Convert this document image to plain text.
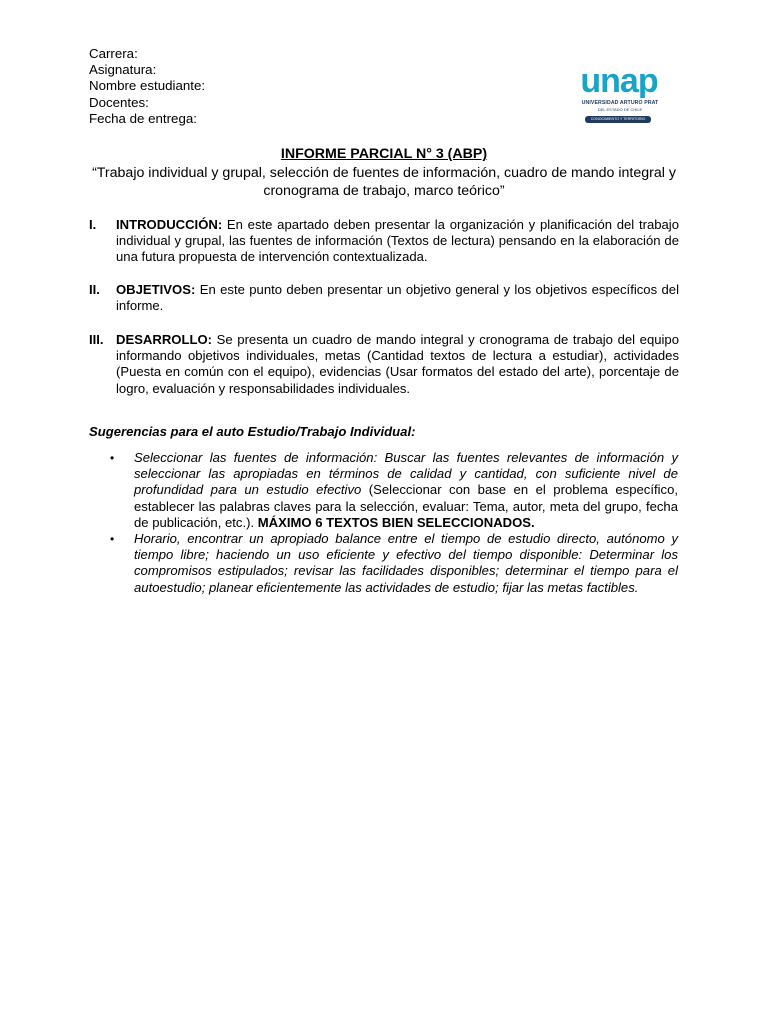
Carrera:
Asignatura:
Nombre estudiante:
Docentes:
Fecha de entrega:
unap
UNIVERSIDAD ARTURO PRAT
DEL ESTADO DE CHILE
CONOCIMIENTO Y TERRITORIO
INFORME PARCIAL N° 3 (ABP)
“Trabajo individual y grupal, selección de fuentes de información, cuadro de mando integral y cronograma de trabajo, marco teórico”
I.	INTRODUCCIÓN: En este apartado deben presentar la organización y planificación del trabajo individual y grupal, las fuentes de información (Textos de lectura) pensando en la elaboración de una futura propuesta de intervención contextualizada.
II.	OBJETIVOS: En este punto deben presentar un objetivo general y los objetivos específicos del informe.
III. DESARROLLO: Se presenta un cuadro de mando integral y cronograma de trabajo del equipo informando objetivos individuales, metas (Cantidad textos de lectura a estudiar), actividades (Puesta en común con el equipo), evidencias (Usar formatos del estado del arte), porcentaje de logro, evaluación y responsabilidades individuales.
Sugerencias para el auto Estudio/Trabajo Individual:
• Seleccionar las fuentes de información: Buscar las fuentes relevantes de información y seleccionar las apropiadas en términos de calidad y cantidad, con suficiente nivel de profundidad para un estudio efectivo (Seleccionar con base en el problema específico, establecer las palabras claves para la selección, evaluar: Tema, autor, meta del grupo, fecha de publicación, etc.). MÁXIMO 6 TEXTOS BIEN SELECCIONADOS.
• Horario, encontrar un apropiado balance entre el tiempo de estudio directo, autónomo y tiempo libre; haciendo un uso eficiente y efectivo del tiempo disponible: Determinar los compromisos estipulados; revisar las facilidades disponibles; determinar el tiempo para el autoestudio; planear eficientemente las actividades de estudio; fijar las metas factibles.
